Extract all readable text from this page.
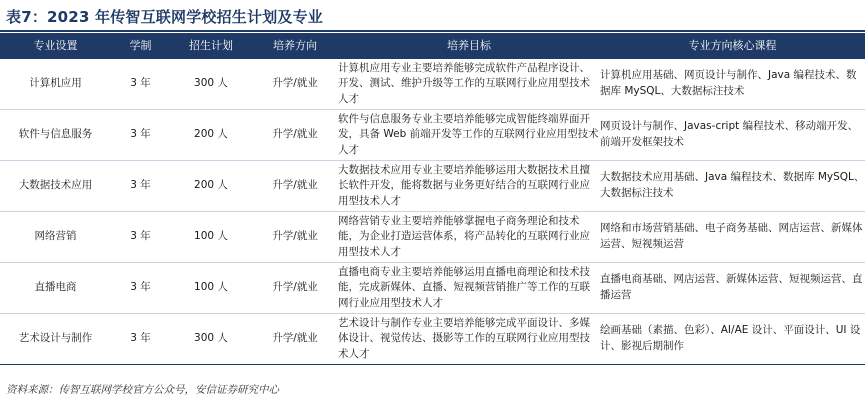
表7：2023 年传智互联网学校招生计划及专业
专业设置	学制	招生计划	培养方向	培养目标	专业方向核心课程
计算机应用	3 年	300 人	升学/就业	计算机应用专业主要培养能够完成软件产品程序设计、开发、测试、维护升级等工作的互联网行业应用型技术人才	计算机应用基础、网页设计与制作、Java 编程技术、数据库 MySQL、大数据标注技术
软件与信息服务	3 年	200 人	升学/就业	软件与信息服务专业主要培养能够完成智能终端界面开发，具备 Web 前端开发等工作的互联网行业应用型技术人才	网页设计与制作、Javas-cript 编程技术、移动端开发、前端开发框架技术
大数据技术应用	3 年	200 人	升学/就业	大数据技术应用专业主要培养能够运用大数据技术且擅长软件开发，能将数据与业务更好结合的互联网行业应用型技术人才	大数据技术应用基础、Java 编程技术、数据库 MySQL、大数据标注技术
网络营销	3 年	100 人	升学/就业	网络营销专业主要培养能够掌握电子商务理论和技术能，为企业打造运营体系，将产品转化的互联网行业应用型技术人才	网络和市场营销基础、电子商务基础、网店运营、新媒体运营、短视频运营
直播电商	3 年	100 人	升学/就业	直播电商专业主要培养能够运用直播电商理论和技术技能，完成新媒体、直播、短视频营销推广等工作的互联网行业应用型技术人才	直播电商基础、网店运营、新媒体运营、短视频运营、直播运营
艺术设计与制作	3 年	300 人	升学/就业	艺术设计与制作专业主要培养能够完成平面设计、多媒体设计、视觉传达、摄影等工作的互联网行业应用型技术人才	绘画基础（素描、色彩）、AI/AE 设计、平面设计、UI 设计、影视后期制作
资料来源：传智互联网学校官方公众号，安信证券研究中心
